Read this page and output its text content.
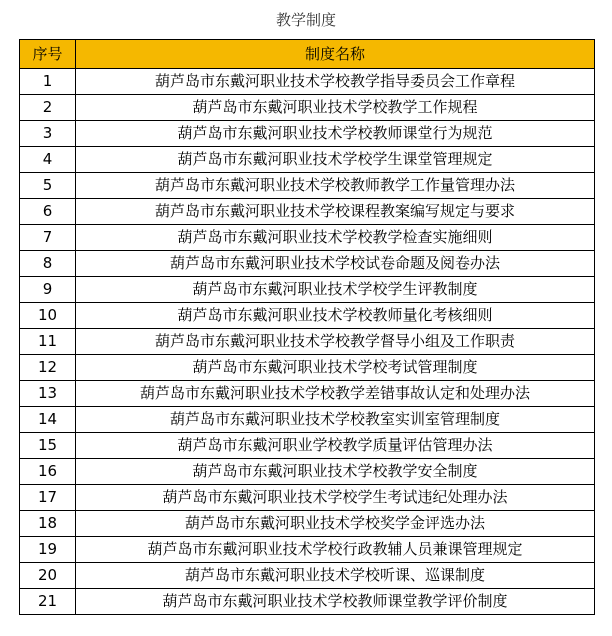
教学制度
序号	制度名称
1	葫芦岛市东戴河职业技术学校教学指导委员会工作章程
2	葫芦岛市东戴河职业技术学校教学工作规程
3	葫芦岛市东戴河职业技术学校教师课堂行为规范
4	葫芦岛市东戴河职业技术学校学生课堂管理规定
5	葫芦岛市东戴河职业技术学校教师教学工作量管理办法
6	葫芦岛市东戴河职业技术学校课程教案编写规定与要求
7	葫芦岛市东戴河职业技术学校教学检查实施细则
8	葫芦岛市东戴河职业技术学校试卷命题及阅卷办法
9	葫芦岛市东戴河职业技术学校学生评教制度
10	葫芦岛市东戴河职业技术学校教师量化考核细则
11	葫芦岛市东戴河职业技术学校教学督导小组及工作职责
12	葫芦岛市东戴河职业技术学校考试管理制度
13	葫芦岛市东戴河职业技术学校教学差错事故认定和处理办法
14	葫芦岛市东戴河职业技术学校教室实训室管理制度
15	葫芦岛市东戴河职业学校教学质量评估管理办法
16	葫芦岛市东戴河职业技术学校教学安全制度
17	葫芦岛市东戴河职业技术学校学生考试违纪处理办法
18	葫芦岛市东戴河职业技术学校奖学金评选办法
19	葫芦岛市东戴河职业技术学校行政教辅人员兼课管理规定
20	葫芦岛市东戴河职业技术学校听课、巡课制度
21	葫芦岛市东戴河职业技术学校教师课堂教学评价制度
